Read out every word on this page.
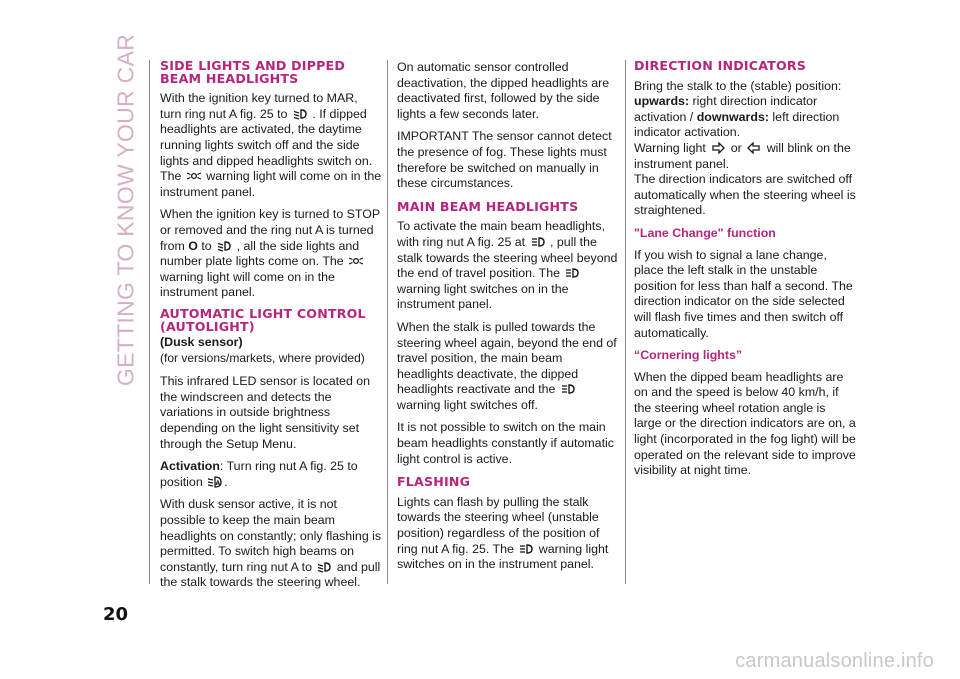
GETTING TO KNOW YOUR CAR SIDE LIGHTS AND DIPPED BEAM HEADLIGHTS

With the ignition key turned to MAR, turn ring nut A fig. 25 to . If dipped headlights are activated, the daytime running lights switch off and the side lights and dipped headlights switch on. The warning light will come on in the instrument panel.

When the ignition key is turned to STOP or removed and the ring nut A is turned from O to , all the side lights and number plate lights come on. The  warning light will come on in the instrument panel.

AUTOMATIC LIGHT CONTROL (AUTOLIGHT)

(Dusk sensor)

(for versions/markets, where provided)

This infrared LED sensor is located on the windscreen and detects the variations in outside brightness depending on the light sensitivity set through the Setup Menu.

Activation: Turn ring nut A fig. 25 to position .

With dusk sensor active, it is not possible to keep the main beam headlights on constantly; only flashing is permitted. To switch high beams on constantly, turn ring nut A to and pull the stalk towards the steering wheel.

On automatic sensor controlled deactivation, the dipped headlights are deactivated first, followed by the side lights a few seconds later.

IMPORTANT The sensor cannot detect the presence of fog. These lights must therefore be switched on manually in these circumstances.

MAIN BEAM HEADLIGHTS

To activate the main beam headlights, with ring nut A fig. 25 at , pull the stalk towards the steering wheel beyond the end of travel position. The  warning light switches on in the instrument panel.

When the stalk is pulled towards the steering wheel again, beyond the end of travel position, the main beam headlights deactivate, the dipped headlights reactivate and the  warning light switches off.

It is not possible to switch on the main beam headlights constantly if automatic light control is active.

FLASHING

Lights can flash by pulling the stalk towards the steering wheel (unstable position) regardless of the position of ring nut A fig. 25. The warning light switches on in the instrument panel.

DIRECTION INDICATORS

Bring the stalk to the (stable) position: upwards: right direction indicator activation / downwards: left direction indicator activation.
Warning light or will blink on the instrument panel.
The direction indicators are switched off automatically when the steering wheel is straightened.

"Lane Change" function

If you wish to signal a lane change, place the left stalk in the unstable position for less than half a second. The direction indicator on the side selected will flash five times and then switch off automatically.

“Cornering lights”

When the dipped beam headlights are on and the speed is below 40 km/h, if the steering wheel rotation angle is large or the direction indicators are on, a light (incorporated in the fog light) will be operated on the relevant side to improve visibility at night time.

20
carmanualsonline.info
